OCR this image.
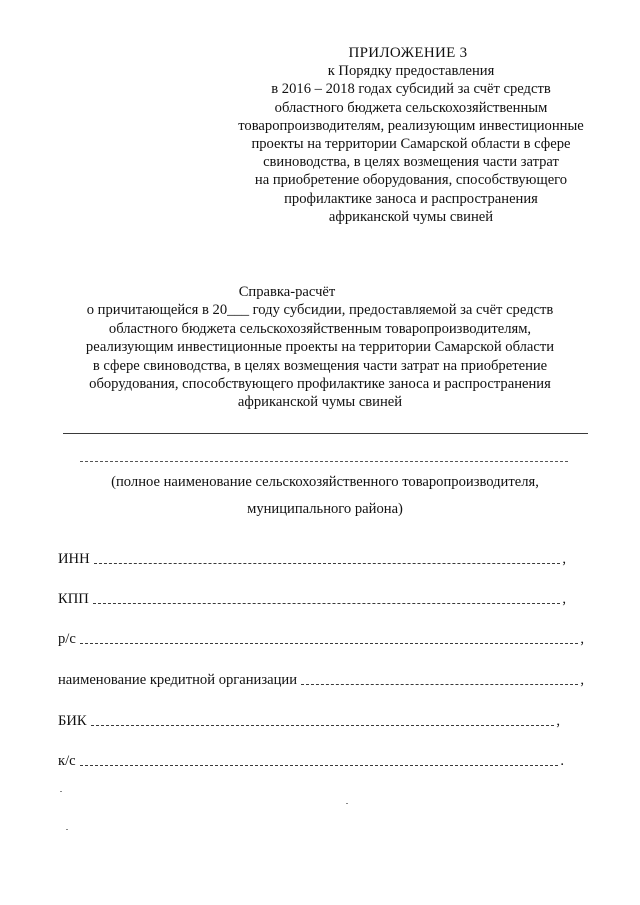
ПРИЛОЖЕНИЕ 3
к Порядку предоставления
в 2016 – 2018 годах субсидий за счёт средств
областного бюджета сельскохозяйственным
товаропроизводителям, реализующим инвестиционные
проекты на территории Самарской области в сфере
свиноводства, в целях возмещения части затрат
на приобретение оборудования, способствующего
профилактике заноса и распространения
африканской чумы свиней
Справка-расчёт
о причитающейся в 20___ году субсидии, предоставляемой за счёт средств
областного бюджета сельскохозяйственным товаропроизводителям,
реализующим инвестиционные проекты на территории Самарской области
в сфере свиноводства, в целях возмещения части затрат на приобретение
оборудования, способствующего профилактике заноса и распространения
африканской чумы свиней
(полное наименование сельскохозяйственного товаропроизводителя,
муниципального района)
ИНН	,
КПП	,
р/с	,
наименование кредитной организации	,
БИК	,
к/с	.
